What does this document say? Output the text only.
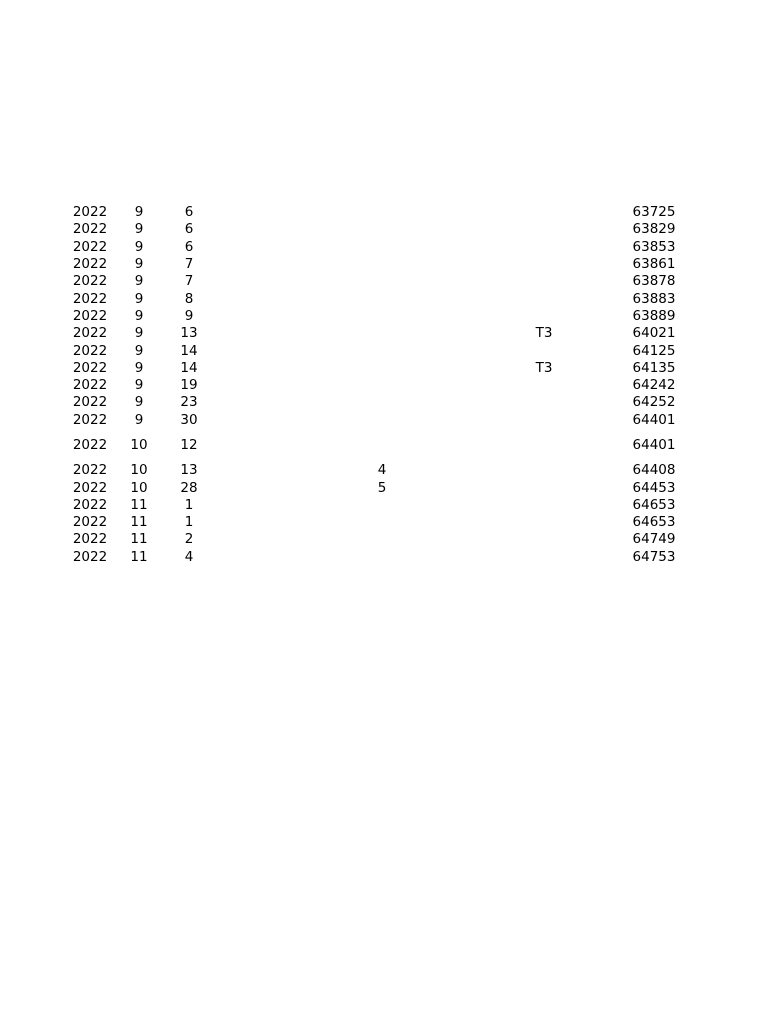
2022	9	6				63725
2022	9	6				63829
2022	9	6				63853
2022	9	7				63861
2022	9	7				63878
2022	9	8				63883
2022	9	9				63889
2022	9	13			T3	64021
2022	9	14				64125
2022	9	14			T3	64135
2022	9	19				64242
2022	9	23				64252
2022	9	30				64401
2022	10	12				64401
2022	10	13		4		64408
2022	10	28		5		64453
2022	11	1				64653
2022	11	1				64653
2022	11	2				64749
2022	11	4				64753
